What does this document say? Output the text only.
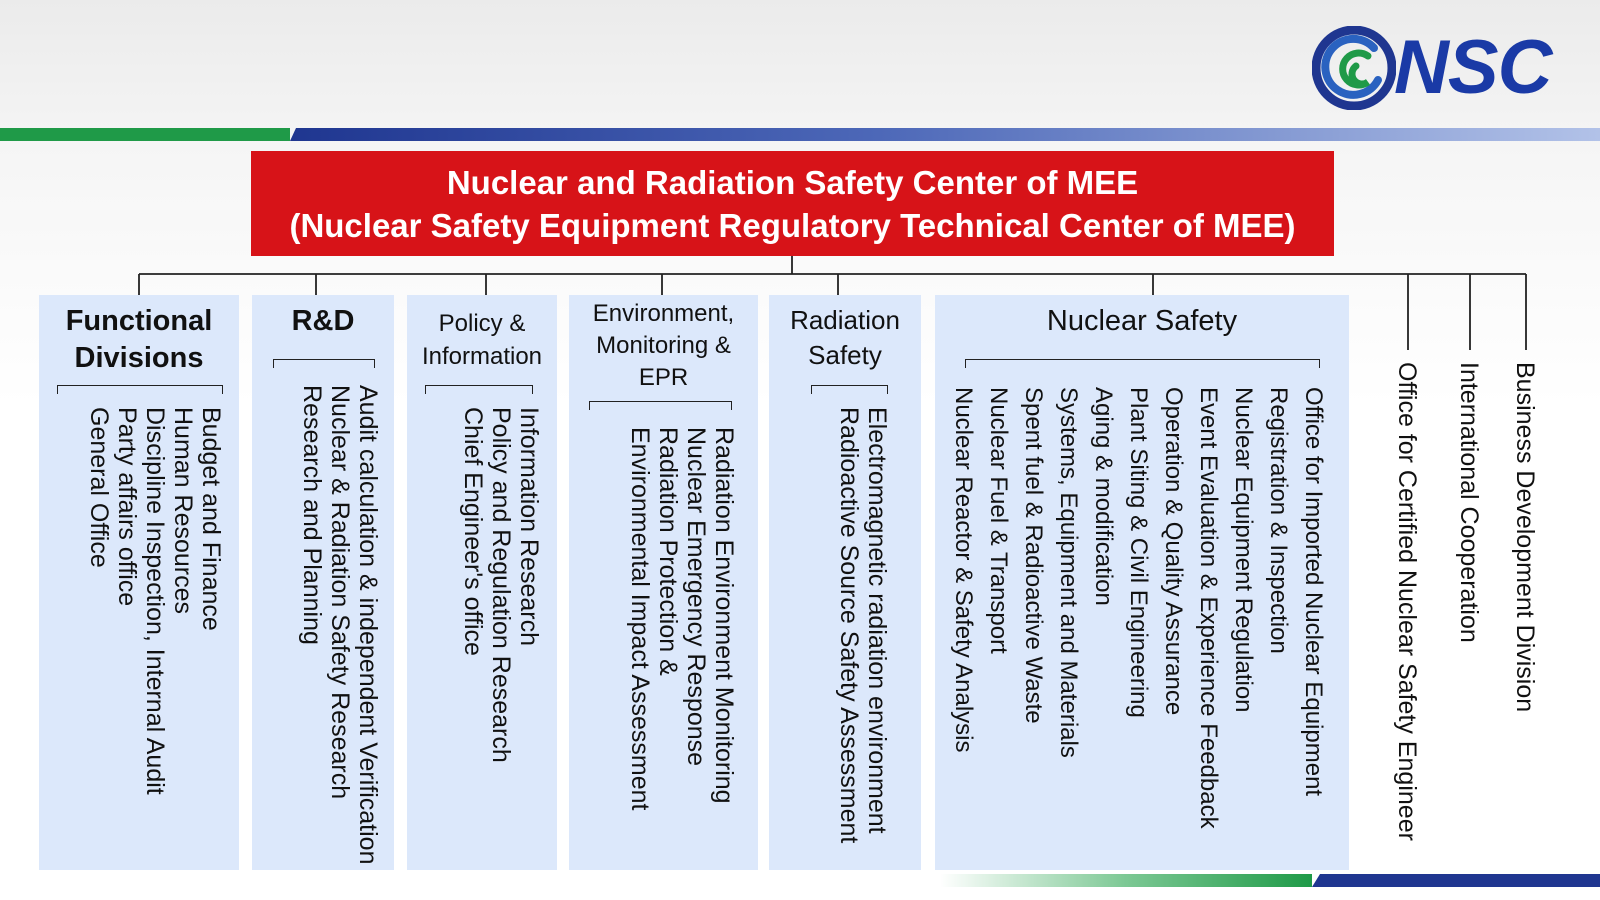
NSC
Nuclear and Radiation Safety Center of MEE
(Nuclear Safety Equipment Regulatory Technical Center of MEE)
Functional
Divisions
Budget and Finance
Human Resources
Discipline Inspection, Internal Audit
Party affairs office
General Office
R&D
Audit calculation & independent Verification
Nuclear & Radiation Safety Research
Research and Planning
Policy &
Information
Information Research
Policy and Regulation Research
Chief Engineer's office
Environment,
Monitoring &
EPR
Radiation Environment Monitoring
Nuclear Emergency Response
Radiation Protection &
Environmental Impact Assessment
Radiation
Safety
Electromagnetic radiation environment
Radioactive Source Safety Assessment
Nuclear Safety
Office for Imported Nuclear Equipment
Registration & Inspection
Nuclear Equipment Regulation
Event Evaluation & Experience Feedback
Operation & Quality Assurance
Plant Siting & Civil Engineering
Aging & modification
Systems, Equipment and Materials
Spent fuel & Radioactive Waste
Nuclear Fuel & Transport
Nuclear Reactor & Safety Analysis	Office for Certified Nuclear Safety Engineer International Cooperation Business Development Division
